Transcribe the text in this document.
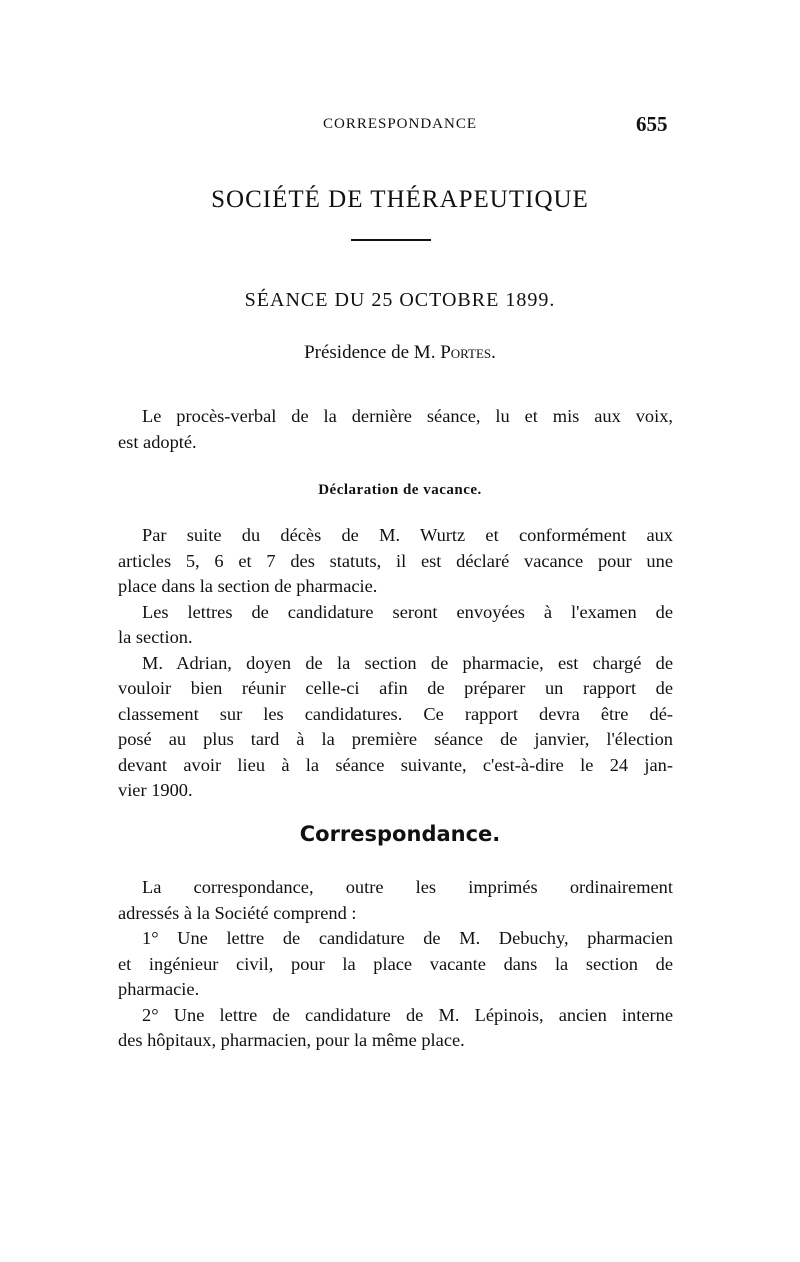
CORRESPONDANCE	655
SOCIÉTÉ DE THÉRAPEUTIQUE
SÉANCE DU 25 OCTOBRE 1899.
Présidence de M. Portes.
Le procès-verbal de la dernière séance, lu et mis aux voix,
est adopté.
Déclaration de vacance.
Par suite du décès de M. Wurtz et conformément aux
articles 5, 6 et 7 des statuts, il est déclaré vacance pour une
place dans la section de pharmacie.
Les lettres de candidature seront envoyées à l'examen de
la section.
M. Adrian, doyen de la section de pharmacie, est chargé de
vouloir bien réunir celle-ci afin de préparer un rapport de
classement sur les candidatures. Ce rapport devra être dé-
posé au plus tard à la première séance de janvier, l'élection
devant avoir lieu à la séance suivante, c'est-à-dire le 24 jan-
vier 1900.
Correspondance.
La correspondance, outre les imprimés ordinairement
adressés à la Société comprend :
1° Une lettre de candidature de M. Debuchy, pharmacien
et ingénieur civil, pour la place vacante dans la section de
pharmacie.
2° Une lettre de candidature de M. Lépinois, ancien interne
des hôpitaux, pharmacien, pour la même place.
